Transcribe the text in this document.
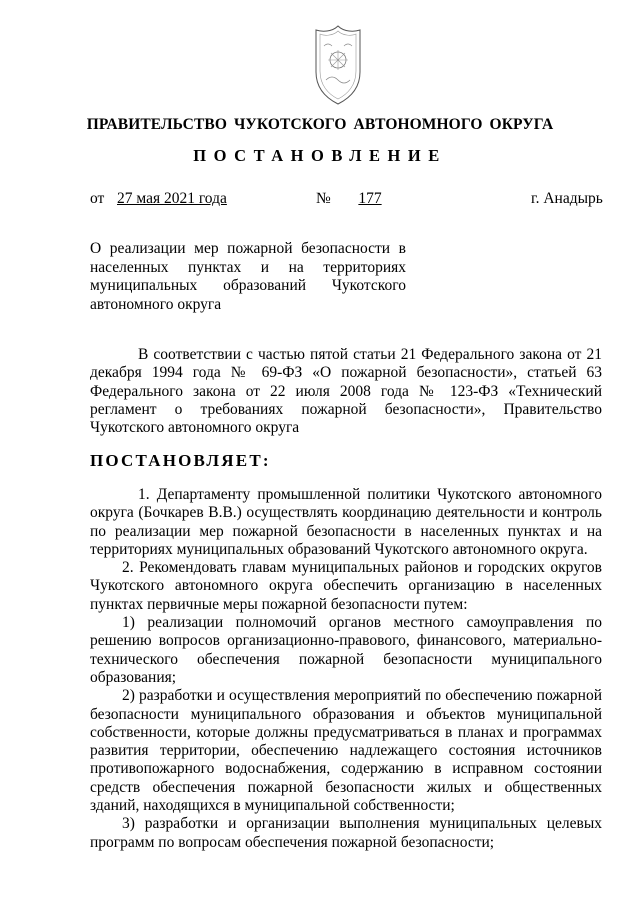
ПРАВИТЕЛЬСТВО ЧУКОТСКОГО АВТОНОМНОГО ОКРУГА
ПОСТАНОВЛЕНИЕ
от 27 мая 2021 года	№	177	г. Анадырь
О реализации мер пожарной безопасности в населенных пунктах и на территориях муниципальных образований Чукотского автономного округа

В соответствии с частью пятой статьи 21 Федерального закона от 21 декабря 1994 года № 69-ФЗ «О пожарной безопасности», статьей 63 Федерального закона от 22 июля 2008 года № 123-ФЗ «Технический регламент о требованиях пожарной безопасности», Правительство Чукотского автономного округа

ПОСТАНОВЛЯЕТ:

1. Департаменту промышленной политики Чукотского автономного округа (Бочкарев В.В.) осуществлять координацию деятельности и контроль по реализации мер пожарной безопасности в населенных пунктах и на территориях муниципальных образований Чукотского автономного округа.

2. Рекомендовать главам муниципальных районов и городских округов Чукотского автономного округа обеспечить организацию в населенных пунктах первичные меры пожарной безопасности путем:

1) реализации полномочий органов местного самоуправления по решению вопросов организационно-правового, финансового, материально-технического обеспечения пожарной безопасности муниципального образования;

2) разработки и осуществления мероприятий по обеспечению пожарной безопасности муниципального образования и объектов муниципальной собственности, которые должны предусматриваться в планах и программах развития территории, обеспечению надлежащего состояния источников противопожарного водоснабжения, содержанию в исправном состоянии средств обеспечения пожарной безопасности жилых и общественных зданий, находящихся в муниципальной собственности;

3) разработки и организации выполнения муниципальных целевых программ по вопросам обеспечения пожарной безопасности;
